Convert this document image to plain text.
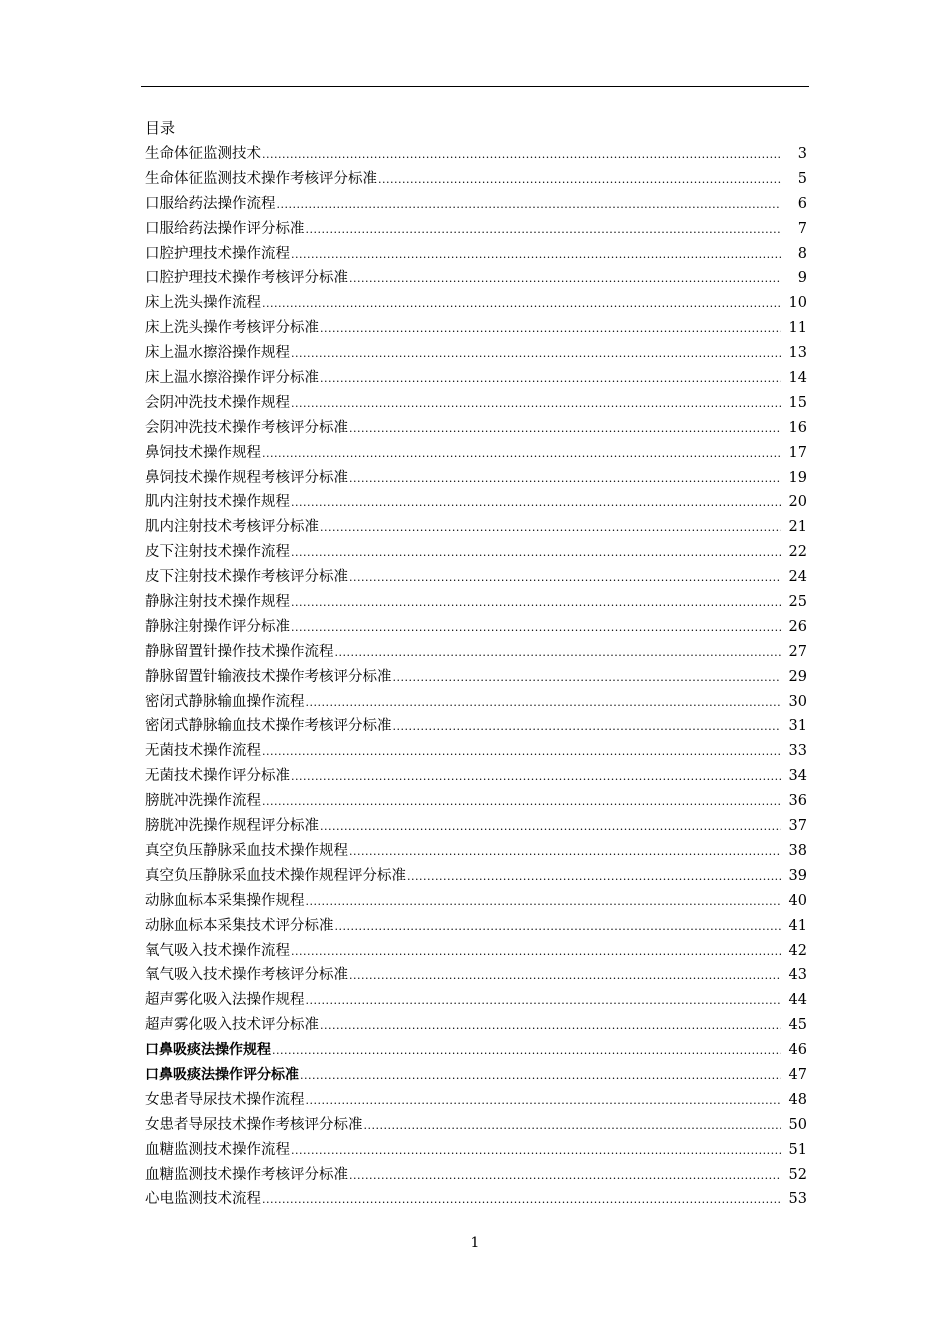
目录
生命体征监测技术 .....	3
生命体征监测技术操作考核评分标准 .....	5
口服给药法操作流程 .....	6
口服给药法操作评分标准 .....	7
口腔护理技术操作流程 .....	8
口腔护理技术操作考核评分标准 .....	9
床上洗头操作流程 .....	10
床上洗头操作考核评分标准 .....	11
床上温水擦浴操作规程 .....	13
床上温水擦浴操作评分标准 .....	14
会阴冲洗技术操作规程 .....	15
会阴冲洗技术操作考核评分标准 .....	16
鼻饲技术操作规程 .....	17
鼻饲技术操作规程考核评分标准 .....	19
肌内注射技术操作规程 .....	20
肌内注射技术考核评分标准 .....	21
皮下注射技术操作流程 .....	22
皮下注射技术操作考核评分标准 .....	24
静脉注射技术操作规程 .....	25
静脉注射操作评分标准 .....	26
静脉留置针操作技术操作流程 .....	27
静脉留置针输液技术操作考核评分标准 .....	29
密闭式静脉输血操作流程 .....	30
密闭式静脉输血技术操作考核评分标准 .....	31
无菌技术操作流程 .....	33
无菌技术操作评分标准 .....	34
膀胱冲洗操作流程 .....	36
膀胱冲洗操作规程评分标准 .....	37
真空负压静脉采血技术操作规程 .....	38
真空负压静脉采血技术操作规程评分标准 .....	39
动脉血标本采集操作规程 .....	40
动脉血标本采集技术评分标准 .....	41
氧气吸入技术操作流程 .....	42
氧气吸入技术操作考核评分标准 .....	43
超声雾化吸入法操作规程 .....	44
超声雾化吸入技术评分标准 .....	45
口鼻吸痰法操作规程 .....	46
口鼻吸痰法操作评分标准 .....	47
女患者导尿技术操作流程 .....	48
女患者导尿技术操作考核评分标准 .....	50
血糖监测技术操作流程 .....	51
血糖监测技术操作考核评分标准 .....	52
心电监测技术流程 .....	53
1
